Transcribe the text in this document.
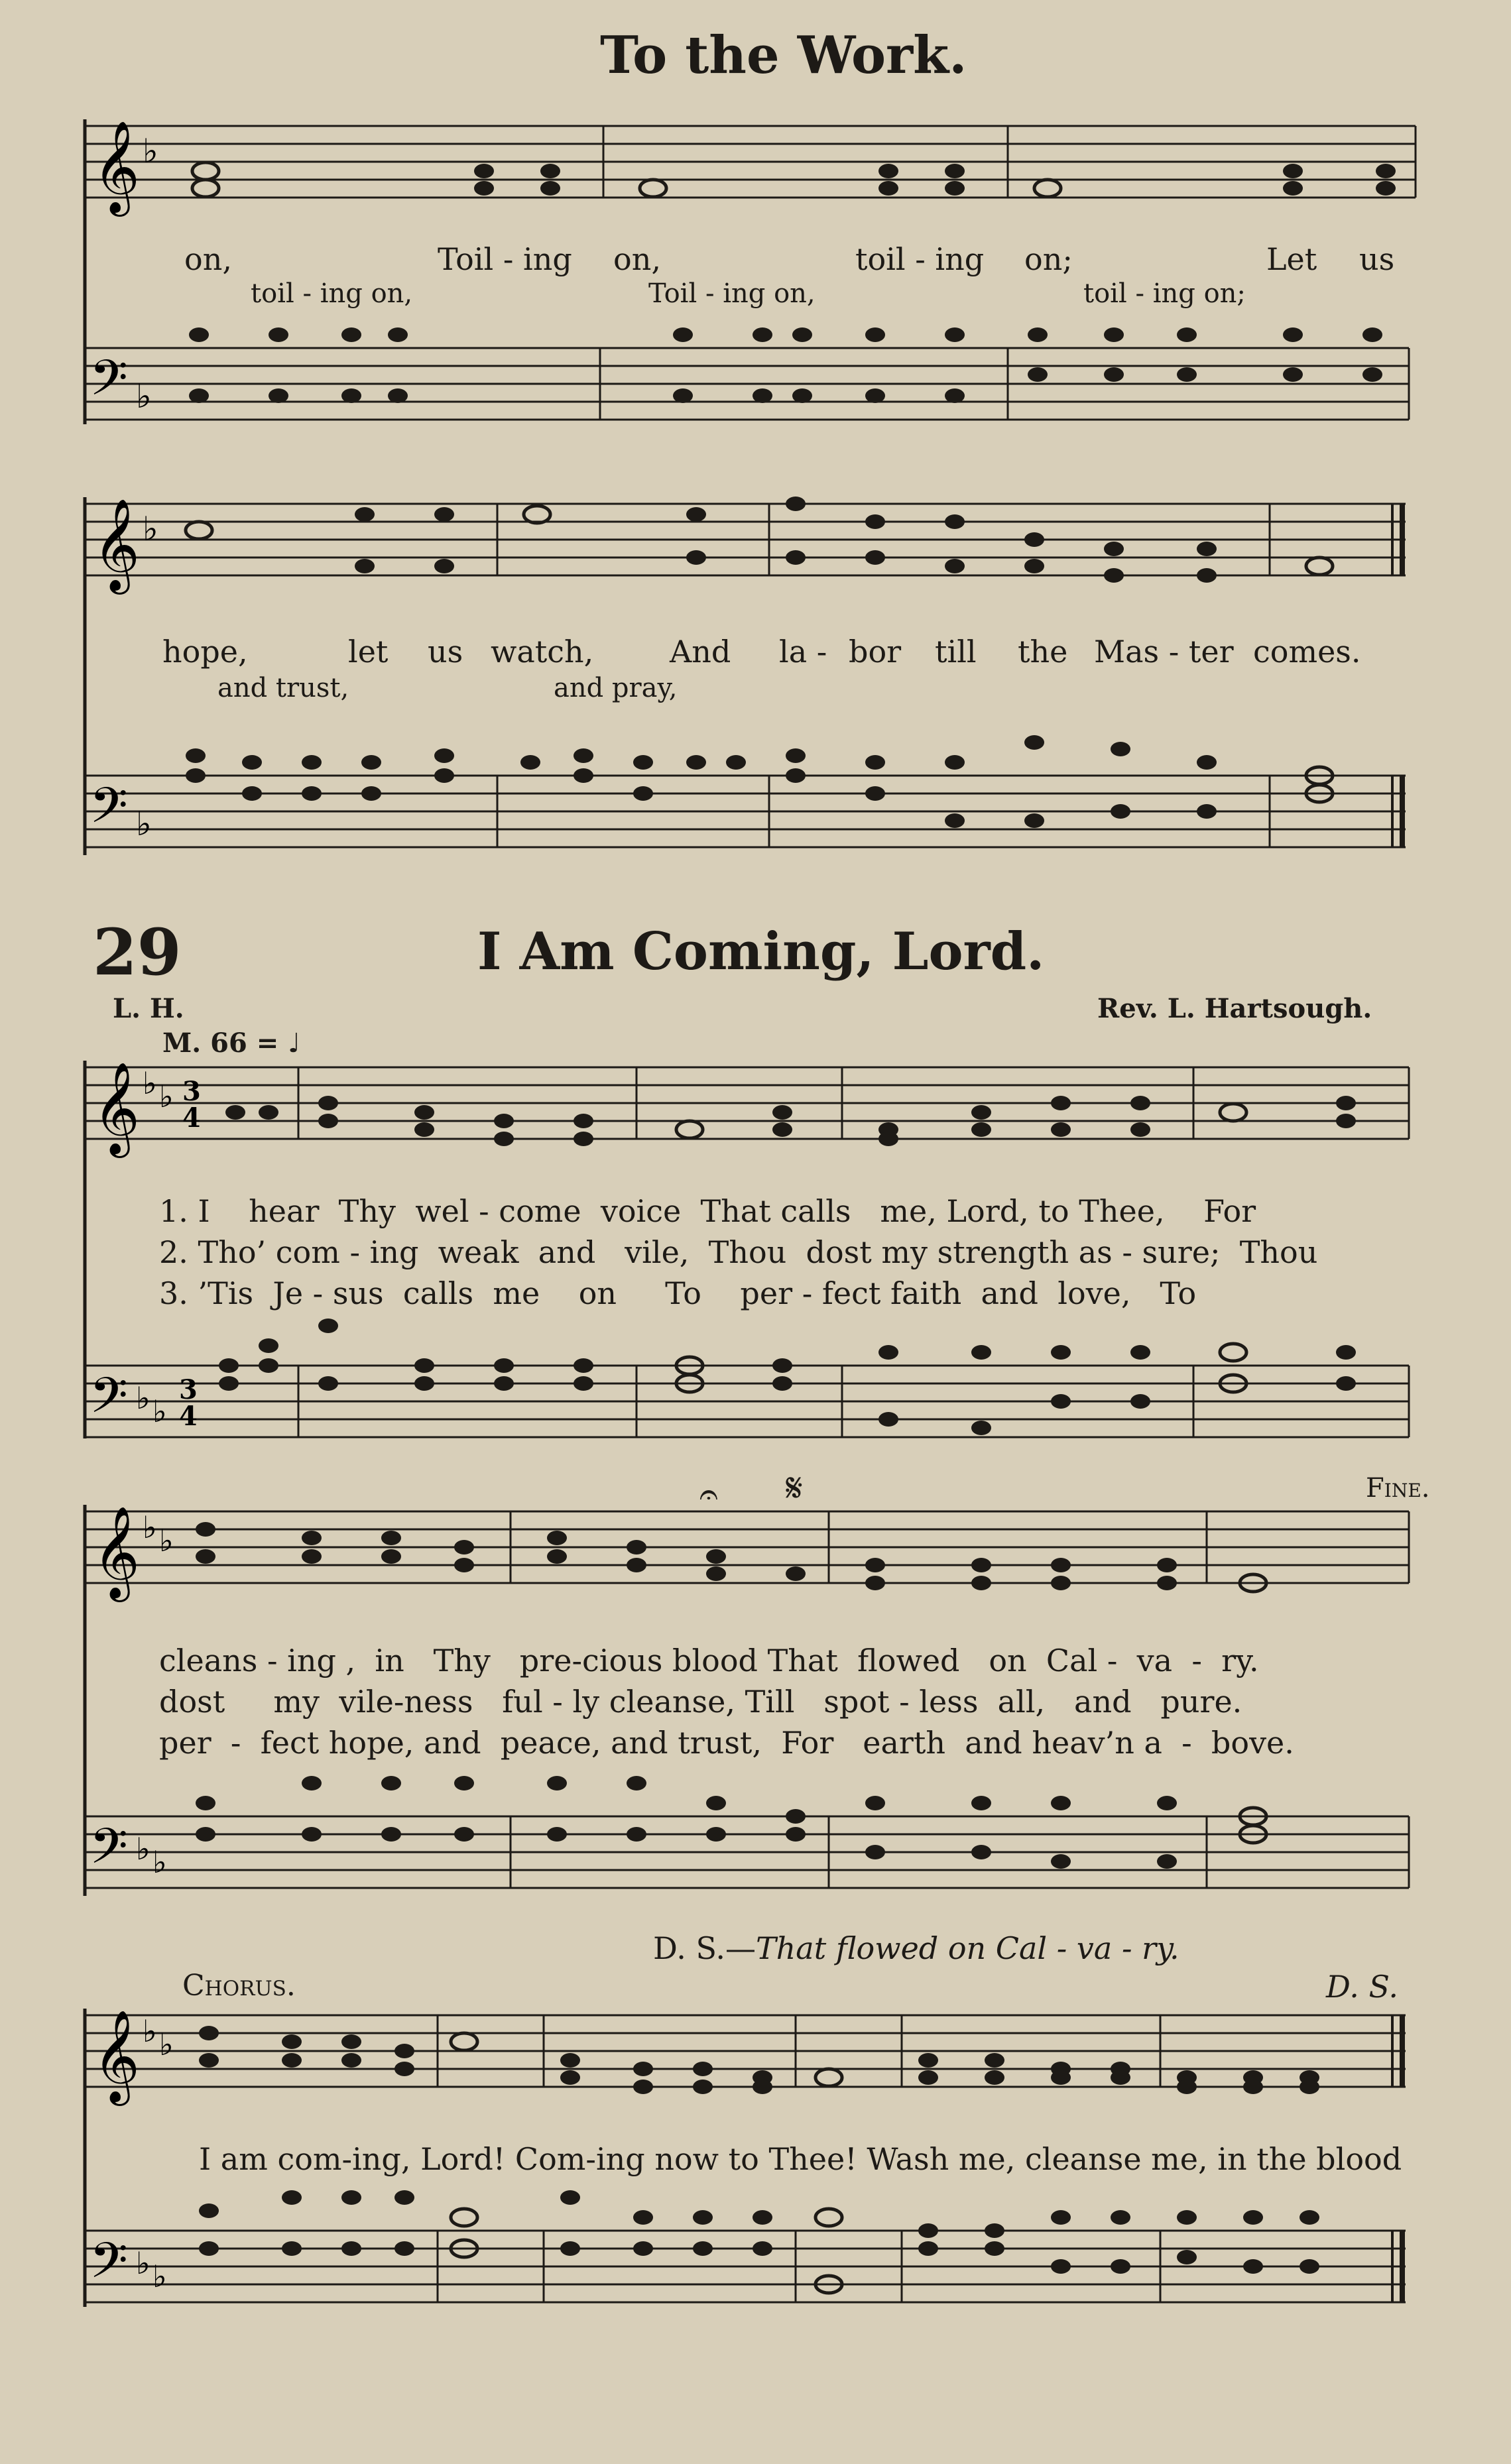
To the Work.
𝄞 ♭
on,	Toil - ing on,	toil - ing on;	Let us
toil - ing on,	Toil - ing on,	toil - ing on;
𝄢 ♭
𝄞 ♭
hope,	let us watch, And la - bor till the Mas - ter comes.
and trust,	and pray,
𝄢 ♭
29	I Am Coming, Lord.
L. H.	Rev. L. Hartsough.
M. 66 = ♩
𝄞 ♭ ♭ 3
4
1. I    hear  Thy  wel - come  voice  That calls   me, Lord, to Thee,    For
2. Tho’ com - ing  weak  and   vile,  Thou  dost my strength as - sure;  Thou
3. ’Tis  Je - sus  calls  me    on     To    per - fect faith  and  love,   To
𝄢 ♭ ♭
3
4
Fine.
𝄋
𝄐
𝄞 ♭ ♭
cleans - ing ,  in   Thy   pre-cious blood That  flowed   on  Cal -  va  -  ry.
dost     my  vile-ness   ful - ly cleanse, Till   spot - less  all,   and   pure.
per  -  fect hope, and  peace, and trust,  For   earth  and heav’n a  -  bove.
𝄢 ♭ ♭
D. S.—That flowed on Cal - va - ry.
Chorus.	D. S.
𝄞 ♭ ♭
I am com-ing, Lord! Com-ing now to Thee! Wash me, cleanse me, in the blood
𝄢 ♭ ♭
